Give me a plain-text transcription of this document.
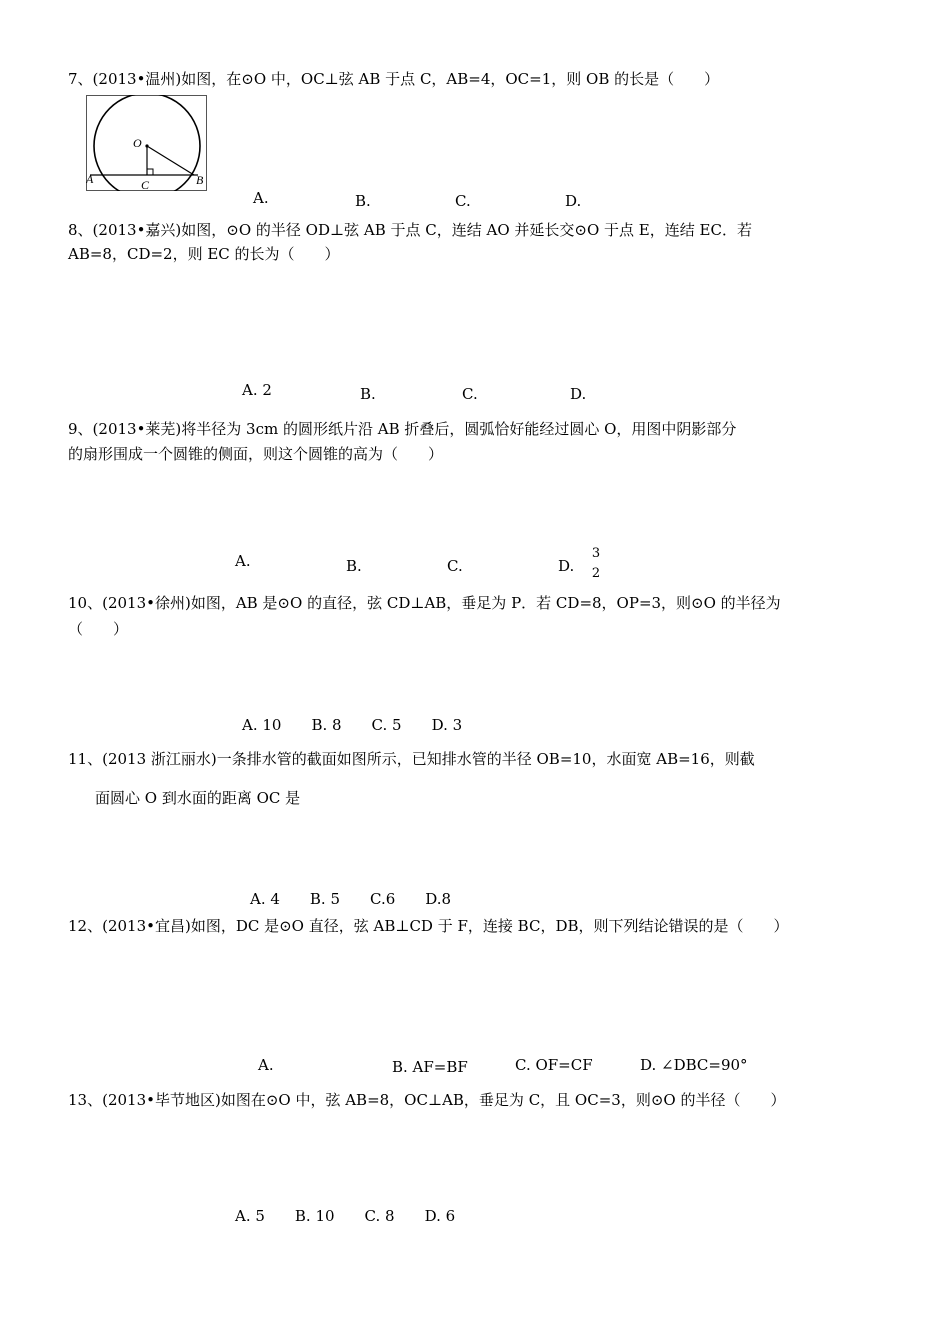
7、(2013•温州)如图，在⊙O 中，OC⊥弦 AB 于点 C，AB=4，OC=1，则 OB 的长是（　　）
O
A	B
C
A.	B.	C.	D.
8、(2013•嘉兴)如图，⊙O 的半径 OD⊥弦 AB 于点 C，连结 AO 并延长交⊙O 于点 E，连结 EC．若
AB=8，CD=2，则 EC 的长为（　　）
A. 2	B.	C.	D.
9、(2013•莱芜)将半径为 3cm 的圆形纸片沿 AB 折叠后，圆弧恰好能经过圆心 O，用图中阴影部分
的扇形围成一个圆锥的侧面，则这个圆锥的高为（　　）
A.	B.	C.	D.
3
2
10、(2013•徐州)如图，AB 是⊙O 的直径，弦 CD⊥AB，垂足为 P．若 CD=8，OP=3，则⊙O 的半径为
（　　）
A. 10　　B. 8　　C. 5　　D. 3
11、(2013 浙江丽水)一条排水管的截面如图所示，已知排水管的半径 OB=10，水面宽 AB=16，则截
面圆心 O 到水面的距离 OC 是
A. 4　　B. 5　　C.6　　D.8
12、(2013•宜昌)如图，DC 是⊙O 直径，弦 AB⊥CD 于 F，连接 BC，DB，则下列结论错误的是（　　）
A.	B. AF=BF	C. OF=CF	D. ∠DBC=90°
13、(2013•毕节地区)如图在⊙O 中，弦 AB=8，OC⊥AB，垂足为 C，且 OC=3，则⊙O 的半径（　　）
A. 5　　B. 10　　C. 8　　D. 6
